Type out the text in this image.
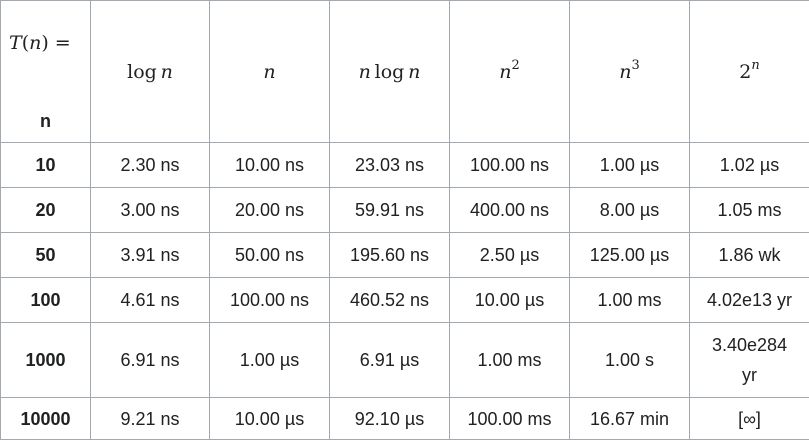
T(n) =
n	log n	n	n log n	$n^2$	$n^3$	2$^n$
10	2.30 ns	10.00 ns	23.03 ns	100.00 ns	1.00 µs	1.02 µs
20	3.00 ns	20.00 ns	59.91 ns	400.00 ns	8.00 µs	1.05 ms
50	3.91 ns	50.00 ns	195.60 ns	2.50 µs	125.00 µs	1.86 wk
100	4.61 ns	100.00 ns	460.52 ns	10.00 µs	1.00 ms	4.02e13 yr
1000	6.91 ns	1.00 µs	6.91 µs	1.00 ms	1.00 s	3.40e284 yr
10000	9.21 ns	10.00 µs	92.10 µs	100.00 ms	16.67 min	[∞]
